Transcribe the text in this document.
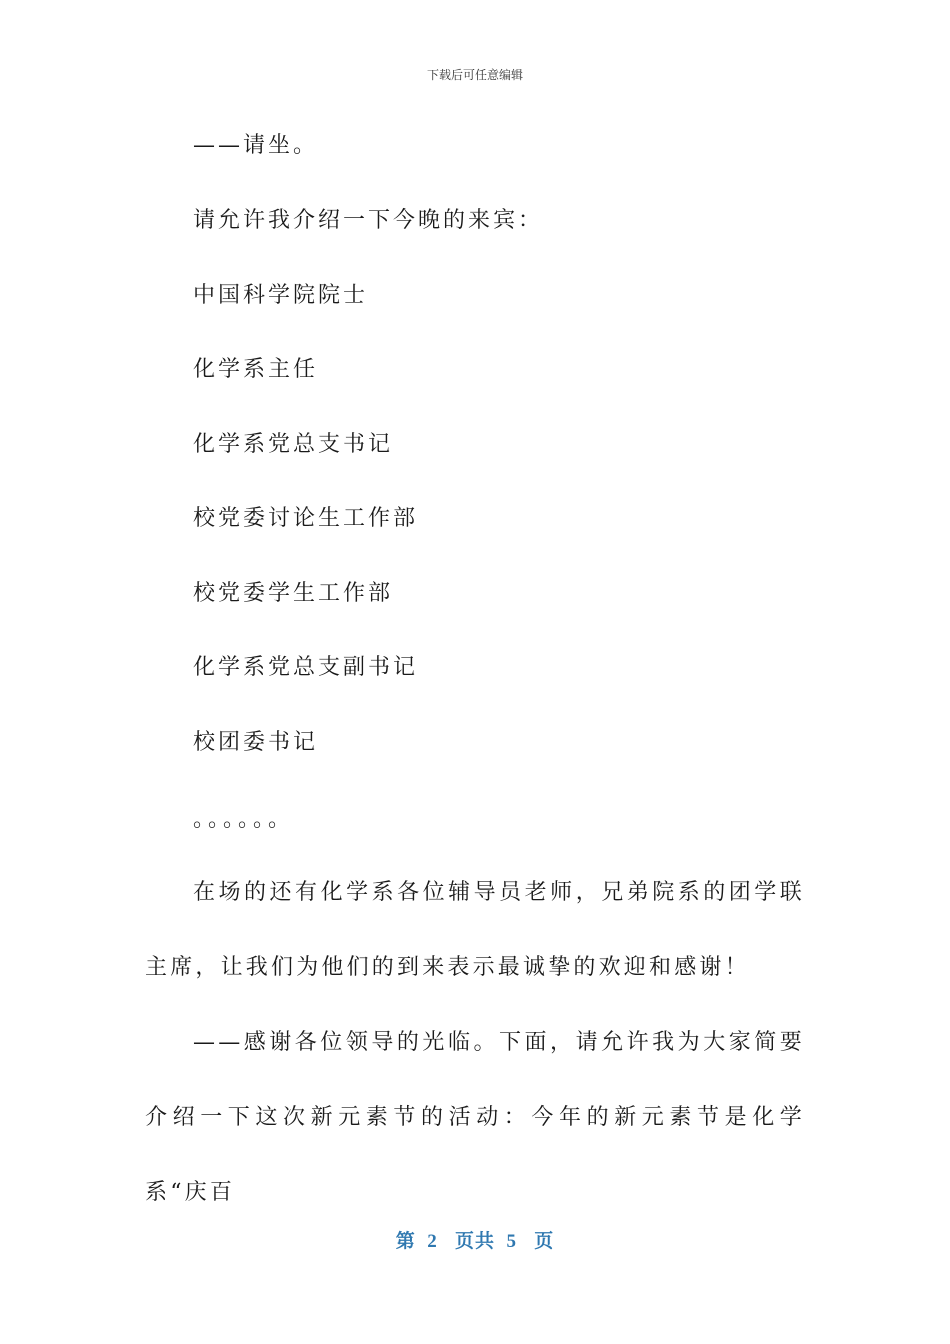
下载后可任意编辑
——请坐。
请允许我介绍一下今晚的来宾：
中国科学院院士
化学系主任
化学系党总支书记
校党委讨论生工作部
校党委学生工作部
化学系党总支副书记
校团委书记
。。。。。。
在场的还有化学系各位辅导员老师，兄弟院系的团学联主席，让我们为他们的到来表示最诚挚的欢迎和感谢！
——感谢各位领导的光临。下面，请允许我为大家简要介绍一下这次新元素节的活动：今年的新元素节是化学系“庆百
第 2 页共 5 页
